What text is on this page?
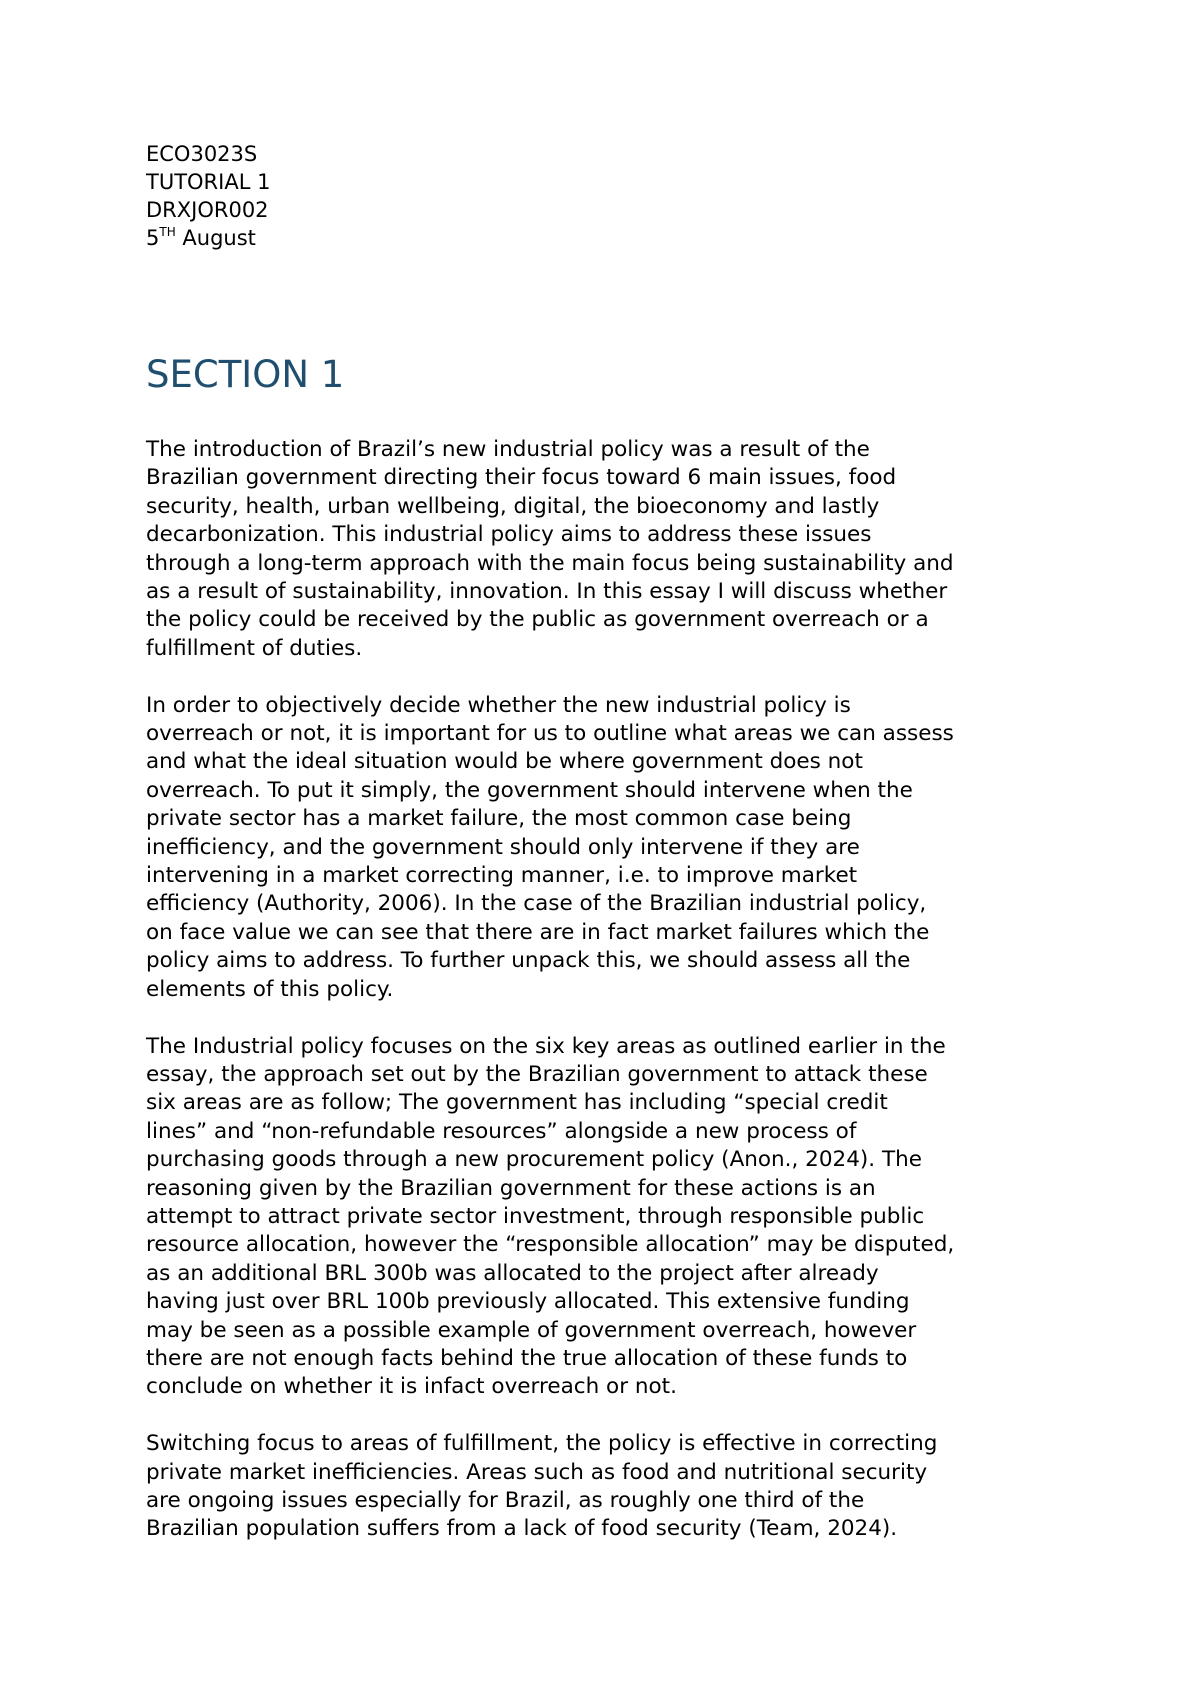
ECO3023S
TUTORIAL 1
DRXJOR002
5TH August
SECTION 1

The introduction of Brazil’s new industrial policy was a result of the
Brazilian government directing their focus toward 6 main issues, food
security, health, urban wellbeing, digital, the bioeconomy and lastly
decarbonization. This industrial policy aims to address these issues
through a long-term approach with the main focus being sustainability and
as a result of sustainability, innovation. In this essay I will discuss whether
the policy could be received by the public as government overreach or a
fulfillment of duties.

In order to objectively decide whether the new industrial policy is
overreach or not, it is important for us to outline what areas we can assess
and what the ideal situation would be where government does not
overreach. To put it simply, the government should intervene when the
private sector has a market failure, the most common case being
inefficiency, and the government should only intervene if they are
intervening in a market correcting manner, i.e. to improve market
efficiency (Authority, 2006). In the case of the Brazilian industrial policy,
on face value we can see that there are in fact market failures which the
policy aims to address. To further unpack this, we should assess all the
elements of this policy.

The Industrial policy focuses on the six key areas as outlined earlier in the
essay, the approach set out by the Brazilian government to attack these
six areas are as follow; The government has including “special credit
lines” and “non-refundable resources” alongside a new process of
purchasing goods through a new procurement policy (Anon., 2024). The
reasoning given by the Brazilian government for these actions is an
attempt to attract private sector investment, through responsible public
resource allocation, however the “responsible allocation” may be disputed,
as an additional BRL 300b was allocated to the project after already
having just over BRL 100b previously allocated. This extensive funding
may be seen as a possible example of government overreach, however
there are not enough facts behind the true allocation of these funds to
conclude on whether it is infact overreach or not.

Switching focus to areas of fulfillment, the policy is effective in correcting
private market inefficiencies. Areas such as food and nutritional security
are ongoing issues especially for Brazil, as roughly one third of the
Brazilian population suffers from a lack of food security (Team, 2024).
